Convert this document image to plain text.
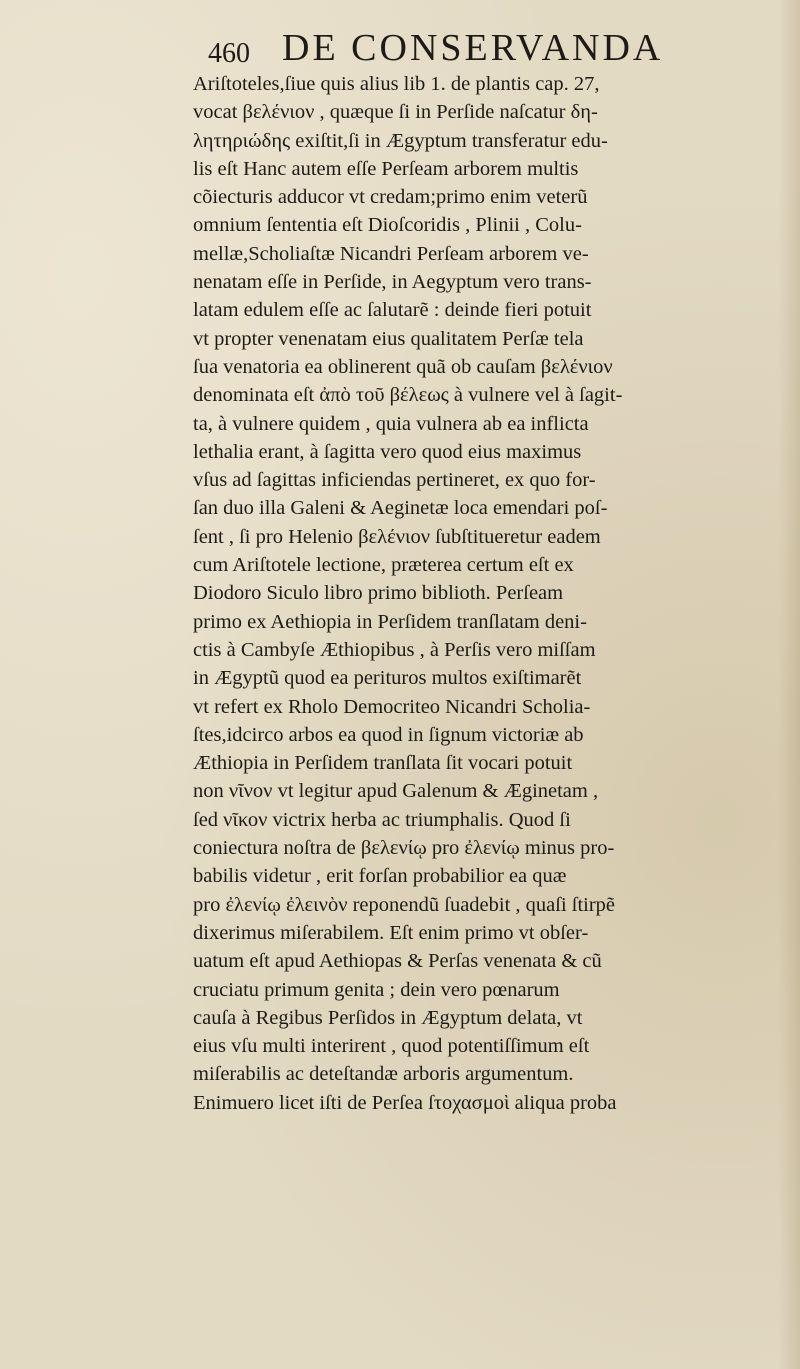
460 DE CONSERVANDA
Ariſtoteles,ſiue quis alius lib 1. de plantis cap. 27,
vocat βελένιον , quæque ſi in Perſide naſcatur δη-
λητηριώδης exiſtit,ſi in Ægyptum transferatur edu-
lis eſt Hanc autem eſſe Perſeam arborem multis
cõiecturis adducor vt credam;primo enim veterũ
omnium ſententia eſt Dioſcoridis , Plinii , Colu-
mellæ,Scholiaſtæ Nicandri Perſeam arborem ve-
nenatam eſſe in Perſide, in Aegyptum vero trans-
latam edulem eſſe ac ſalutarẽ : deinde fieri potuit
vt propter venenatam eius qualitatem Perſæ tela
ſua venatoria ea oblinerent quã ob cauſam βελένιον
denominata eſt ἀπὸ τοῦ βέλεως à vulnere vel à ſagit-
ta, à vulnere quidem , quia vulnera ab ea inflicta
lethalia erant, à ſagitta vero quod eius maximus
vſus ad ſagittas inficiendas pertineret, ex quo for-
ſan duo illa Galeni & Aeginetæ loca emendari poſ-
ſent , ſi pro Helenio βελένιον ſubſtitueretur eadem
cum Ariſtotele lectione, prætereа certum eſt ex
Diodoro Siculo libro primo biblioth. Perſeam
primo ex Aethiopia in Perſidem tranſlatam deni-
ctis à Cambyſe Æthiopibus , à Perſis vero miſſam
in Ægyptũ quod ea perituros multos exiſtimarẽt
vt refert ex Rholo Democriteo Nicandri Scholia-
ſtes,idcirco arbos ea quod in ſignum victoriæ ab
Æthiopia in Perſidem tranſlata ſit vocari potuit
non νῖνον vt legitur apud Galenum & Æginetam ,
ſed νῖκον victrix herba ac triumphalis. Quod ſi
coniectura noſtra de βελενίῳ pro ἐλενίῳ minus pro-
babilis videtur , erit forſan probabilior ea quæ
pro ἐλενίῳ ἐλεινὸν reponendũ ſuadebit , quaſi ſtirpẽ
dixerimus miſerabilem. Eſt enim primo vt obſer-
uatum eſt apud Aethiopas & Perſas venenata & cũ
cruciatu primum genita ; dein vero pœnarum
cauſa à Regibus Perſidos in Ægyptum delata, vt
eius vſu multi interirent , quod potentiſſimum eſt
miſerabilis ac deteſtandæ arboris argumentum.
Enimuero licet iſti de Perſea ſτοχασμοὶ aliqua proba
